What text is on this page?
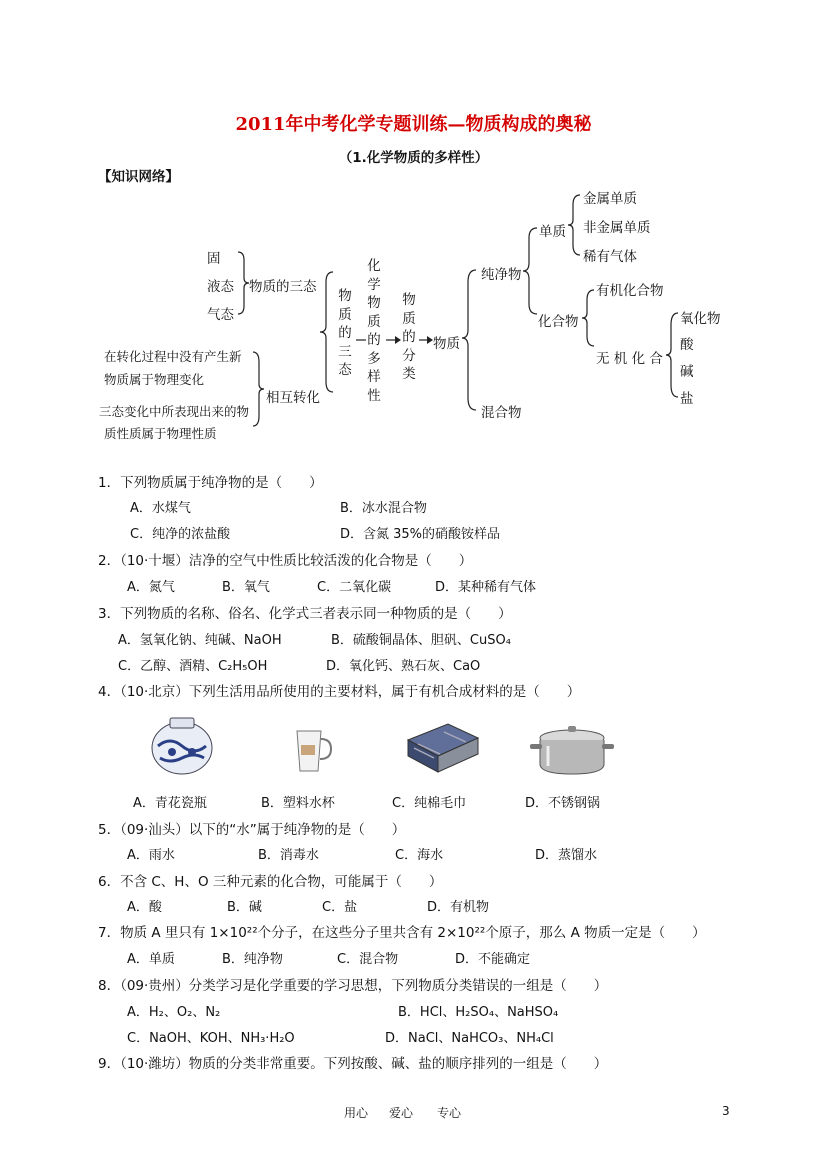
2011年中考化学专题训练—物质构成的奥秘
（1.化学物质的多样性）
【知识网络】
固
液态
气态
物质的三态
在转化过程中没有产生新
物质属于物理变化
三态变化中所表现出来的物
质性质属于物理性质
相互转化
物质的三态
化学物质的多样性
物质的分类
物质
纯净物
混合物
单质
金属单质
非金属单质
稀有气体
化合物
有机化合物
无 机 化 合
氧化物
酸
碱
盐
1．下列物质属于纯净物的是（　　）
A．水煤气	B．冰水混合物
C．纯净的浓盐酸	D．含氮 35%的硝酸铵样品
2．（10·十堰）洁净的空气中性质比较活泼的化合物是（　　）
A．氮气	B．氧气	C．二氧化碳	D．某种稀有气体
3．下列物质的名称、俗名、化学式三者表示同一种物质的是（　　）
A．氢氧化钠、纯碱、NaOH	B．硫酸铜晶体、胆矾、CuSO₄
C．乙醇、酒精、C₂H₅OH	D．氧化钙、熟石灰、CaO
4．（10·北京）下列生活用品所使用的主要材料，属于有机合成材料的是（　　）
A．青花瓷瓶	B．塑料水杯	C．纯棉毛巾	D．不锈钢锅
5．（09·汕头）以下的“水”属于纯净物的是（　　）
A．雨水	B．消毒水	C．海水	D．蒸馏水
6．不含 C、H、O 三种元素的化合物，可能属于（　　）
A．酸	B．碱	C．盐	D．有机物
7．物质 A 里只有 1×10²²个分子，在这些分子里共含有 2×10²²个原子，那么 A 物质一定是（　　）
A．单质	B．纯净物	C．混合物	D．不能确定
8．（09·贵州）分类学习是化学重要的学习思想，下列物质分类错误的一组是（　　）
A．H₂、O₂、N₂	B．HCl、H₂SO₄、NaHSO₄
C．NaOH、KOH、NH₃·H₂O	D．NaCl、NaHCO₃、NH₄Cl
9．（10·潍坊）物质的分类非常重要。下列按酸、碱、盐的顺序排列的一组是（　　）
用心 爱心 专心	3
